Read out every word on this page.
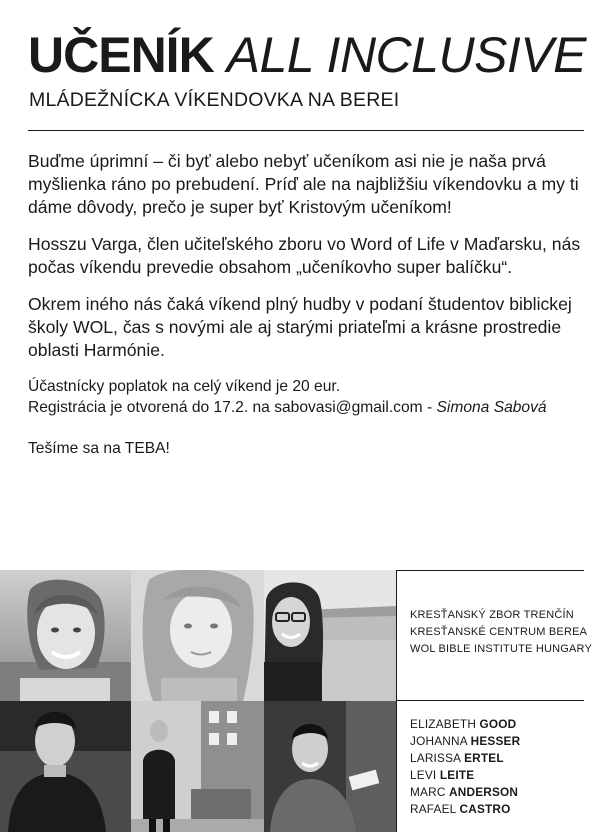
UČENÍK ALL INCLUSIVE

MLÁDEŽNÍCKA VÍKENDOVKA NA BEREI

Buďme úprimní – či byť alebo nebyť učeníkom asi nie je naša prvá myšlienka ráno po prebudení. Príď ale na najbližšiu víkendovku a my ti dáme dôvody, prečo je super byť Kristovým učeníkom!

Hosszu Varga, člen učiteľského zboru vo Word of Life v Maďarsku, nás počas víkendu prevedie obsahom „učeníkovho super balíčku“.

Okrem iného nás čaká víkend plný hudby v podaní študentov biblickej školy WOL, čas s novými ale aj starými priateľmi a krásne prostredie oblasti Harmónie.

Účastnícky poplatok na celý víkend je 20 eur.
Registrácia je otvorená do 17.2. na sabovasi@gmail.com - Simona Sabová

Tešíme sa na TEBA!

KRESŤANSKÝ ZBOR TRENČÍN
KRESŤANSKÉ CENTRUM BEREA
WOL BIBLE INSTITUTE HUNGARY
ELIZABETH GOOD
JOHANNA HESSER
LARISSA ERTEL
LEVI LEITE
MARC ANDERSON
RAFAEL CASTRO
